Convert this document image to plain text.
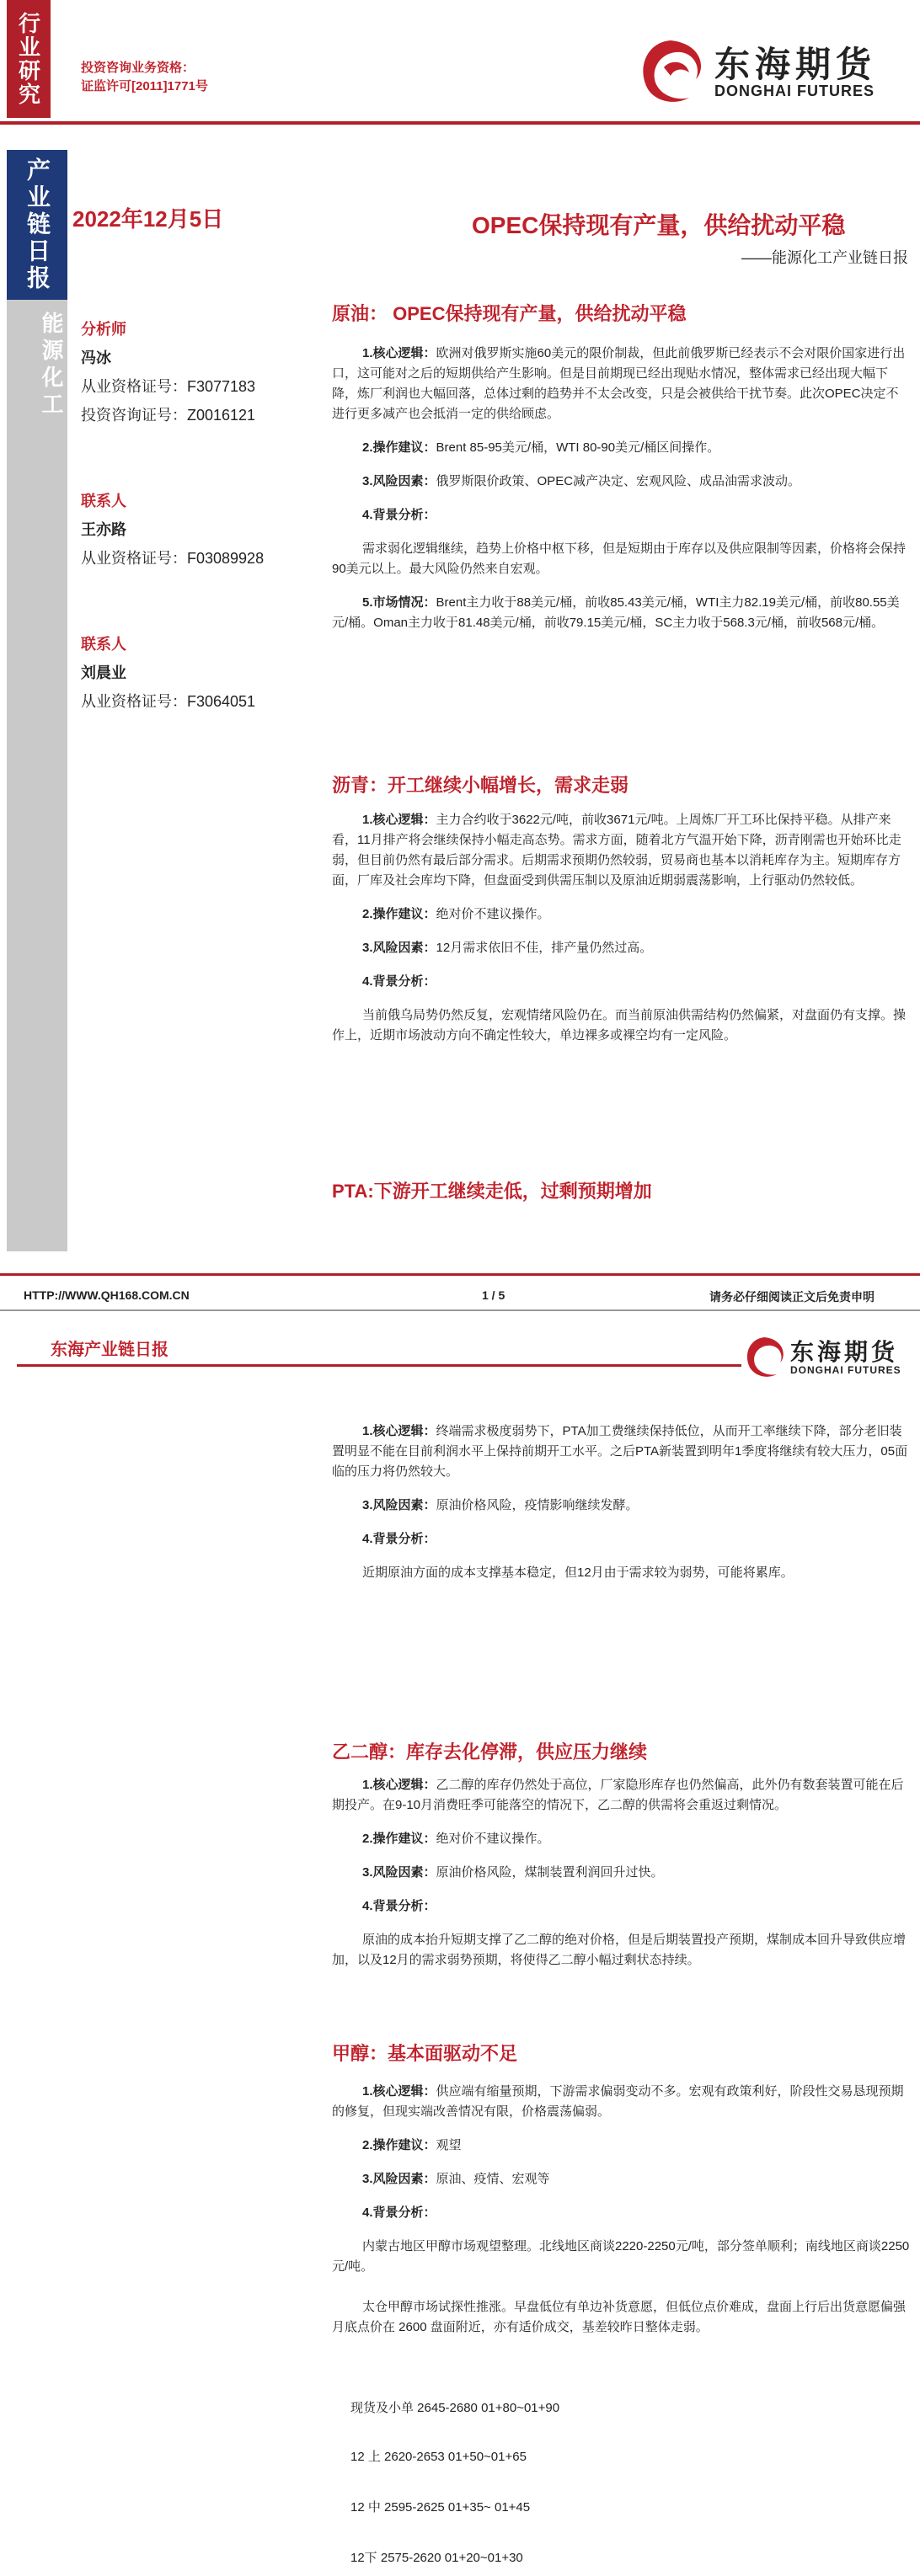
行业研究	投资咨询业务资格：
证监许可[2011]1771号
东海期货
DONGHAI FUTURES
产业链日报
能源化工
2022年12月5日	OPEC保持现有产量，供给扰动平稳
——能源化工产业链日报
分析师
冯冰
从业资格证号：F3077183
投资咨询证号：Z0016121
联系人
王亦路
从业资格证号：F03089928
联系人
刘晨业
从业资格证号：F3064051
原油： OPEC保持现有产量，供给扰动平稳

1.核心逻辑：欧洲对俄罗斯实施60美元的限价制裁，但此前俄罗斯已经表示不会对限价国家进行出口，这可能对之后的短期供给产生影响。但是目前期现已经出现贴水情况，整体需求已经出现大幅下降，炼厂利润也大幅回落，总体过剩的趋势并不太会改变，只是会被供给干扰节奏。此次OPEC决定不进行更多减产也会抵消一定的供给顾虑。

2.操作建议：Brent 85-95美元/桶，WTI 80-90美元/桶区间操作。

3.风险因素：俄罗斯限价政策、OPEC减产决定、宏观风险、成品油需求波动。

4.背景分析：

需求弱化逻辑继续，趋势上价格中枢下移，但是短期由于库存以及供应限制等因素，价格将会保持90美元以上。最大风险仍然来自宏观。

5.市场情况：Brent主力收于88美元/桶，前收85.43美元/桶，WTI主力82.19美元/桶，前收80.55美元/桶。Oman主力收于81.48美元/桶，前收79.15美元/桶，SC主力收于568.3元/桶，前收568元/桶。

沥青：开工继续小幅增长，需求走弱

1.核心逻辑：主力合约收于3622元/吨，前收3671元/吨。上周炼厂开工环比保持平稳。从排产来看，11月排产将会继续保持小幅走高态势。需求方面，随着北方气温开始下降，沥青刚需也开始环比走弱，但目前仍然有最后部分需求。后期需求预期仍然较弱，贸易商也基本以消耗库存为主。短期库存方面，厂库及社会库均下降，但盘面受到供需压制以及原油近期弱震荡影响，上行驱动仍然较低。

2.操作建议：绝对价不建议操作。

3.风险因素：12月需求依旧不佳，排产量仍然过高。

4.背景分析：

当前俄乌局势仍然反复，宏观情绪风险仍在。而当前原油供需结构仍然偏紧，对盘面仍有支撑。操作上，近期市场波动方向不确定性较大，单边裸多或裸空均有一定风险。

PTA:下游开工继续走低，过剩预期增加
HTTP://WWW.QH168.COM.CN	1 / 5	请务必仔细阅读正文后免责申明
东海产业链日报	东海期货
DONGHAI FUTURES

1.核心逻辑：终端需求极度弱势下，PTA加工费继续保持低位，从而开工率继续下降，部分老旧装置明显不能在目前利润水平上保持前期开工水平。之后PTA新装置到明年1季度将继续有较大压力，05面临的压力将仍然较大。

3.风险因素：原油价格风险，疫情影响继续发酵。

4.背景分析：

近期原油方面的成本支撑基本稳定，但12月由于需求较为弱势，可能将累库。

乙二醇：库存去化停滞，供应压力继续

1.核心逻辑：乙二醇的库存仍然处于高位，厂家隐形库存也仍然偏高，此外仍有数套装置可能在后期投产。在9-10月消费旺季可能落空的情况下，乙二醇的供需将会重返过剩情况。

2.操作建议：绝对价不建议操作。

3.风险因素：原油价格风险，煤制装置利润回升过快。

4.背景分析：

原油的成本抬升短期支撑了乙二醇的绝对价格，但是后期装置投产预期，煤制成本回升导致供应增加，以及12月的需求弱势预期，将使得乙二醇小幅过剩状态持续。

甲醇：基本面驱动不足

1.核心逻辑：供应端有缩量预期，下游需求偏弱变动不多。宏观有政策利好，阶段性交易恳现预期的修复，但现实端改善情况有限，价格震荡偏弱。

2.操作建议：观望

3.风险因素：原油、疫情、宏观等

4.背景分析：

内蒙古地区甲醇市场观望整理。北线地区商谈2220-2250元/吨，部分签单顺利；南线地区商谈2250元/吨。

太仓甲醇市场试探性推涨。早盘低位有单边补货意愿，但低位点价难成，盘面上行后出货意愿偏强月底点价在 2600 盘面附近，亦有适价成交，基差较昨日整体走弱。

现货及小单 2645-2680 01+80~01+90
12 上 2620-2653 01+50~01+65
12 中 2595-2625 01+35~ 01+45
12下 2575-2620 01+20~01+30
